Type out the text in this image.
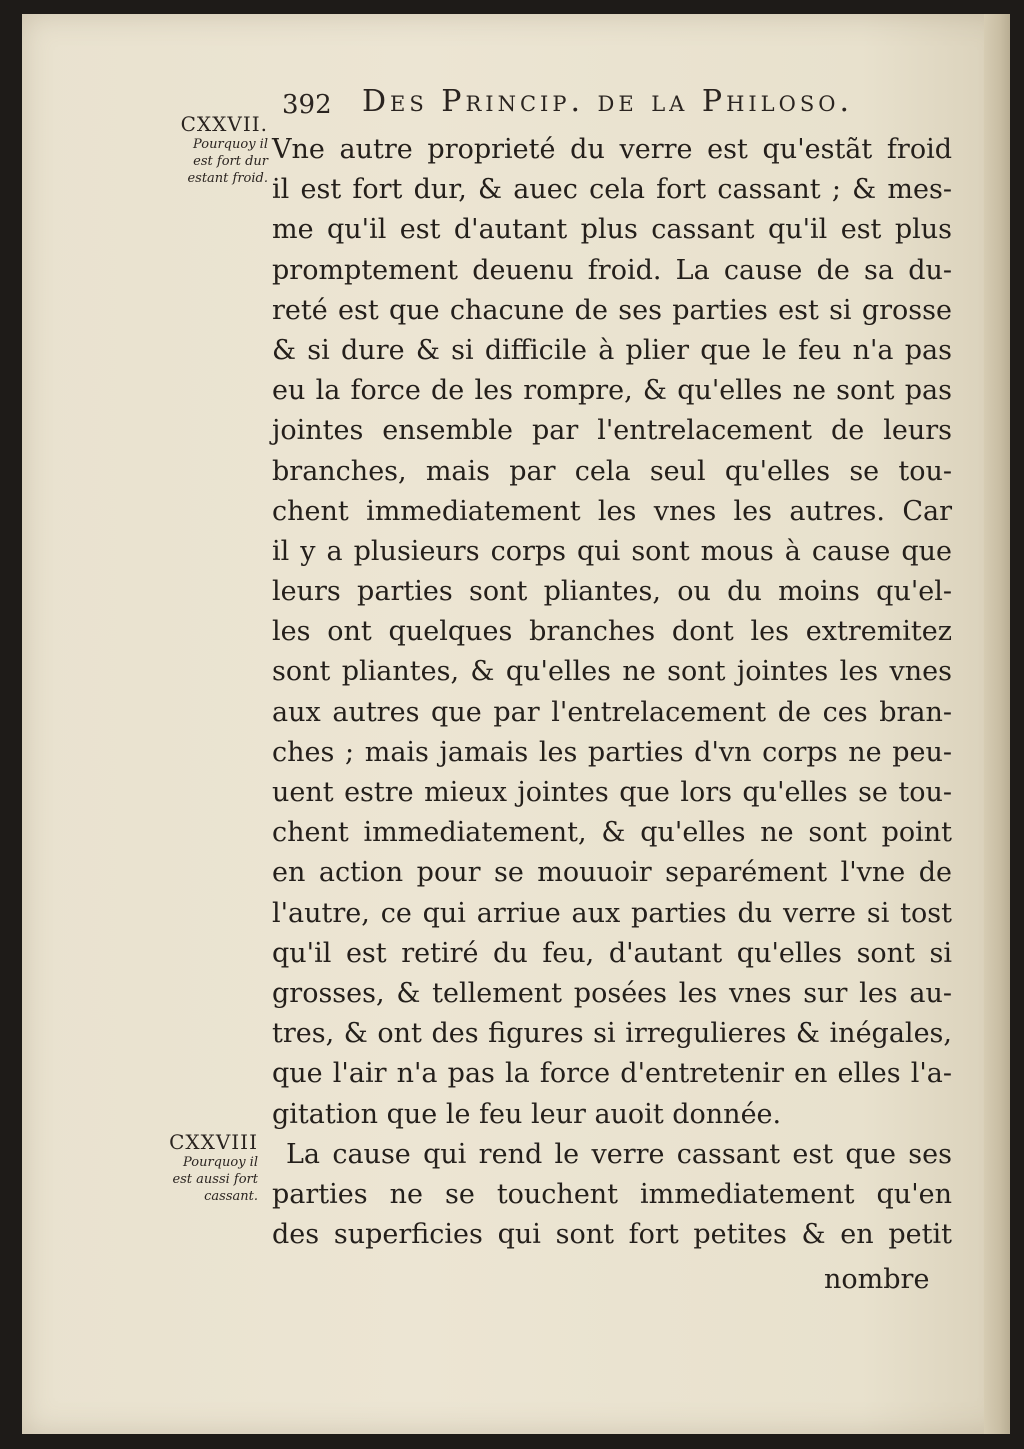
392 Des Princip. de la Philoso.
CXXVII.
Pourquoy il
est fort dur
estant froid.
CXXVIII
Pourquoy il
est aussi fort
cassant.
Vne autre proprieté du verre est qu'estãt froid
il est fort dur, & auec cela fort cassant ; & mes-
me qu'il est d'autant plus cassant qu'il est plus
promptement deuenu froid. La cause de sa du-
reté est que chacune de ses parties est si grosse
& si dure & si difficile à plier que le feu n'a pas
eu la force de les rompre, & qu'elles ne sont pas
jointes ensemble par l'entrelacement de leurs
branches, mais par cela seul qu'elles se tou-
chent immediatement les vnes les autres. Car
il y a plusieurs corps qui sont mous à cause que
leurs parties sont pliantes, ou du moins qu'el-
les ont quelques branches dont les extremitez
sont pliantes, & qu'elles ne sont jointes les vnes
aux autres que par l'entrelacement de ces bran-
ches ; mais jamais les parties d'vn corps ne peu-
uent estre mieux jointes que lors qu'elles se tou-
chent immediatement, & qu'elles ne sont point
en action pour se mouuoir separément l'vne de
l'autre, ce qui arriue aux parties du verre si tost
qu'il est retiré du feu, d'autant qu'elles sont si
grosses, & tellement posées les vnes sur les au-
tres, & ont des figures si irregulieres & inégales,
que l'air n'a pas la force d'entretenir en elles l'a-
gitation que le feu leur auoit donnée.
La cause qui rend le verre cassant est que ses
parties ne se touchent immediatement qu'en
des superficies qui sont fort petites & en petit
nombre
